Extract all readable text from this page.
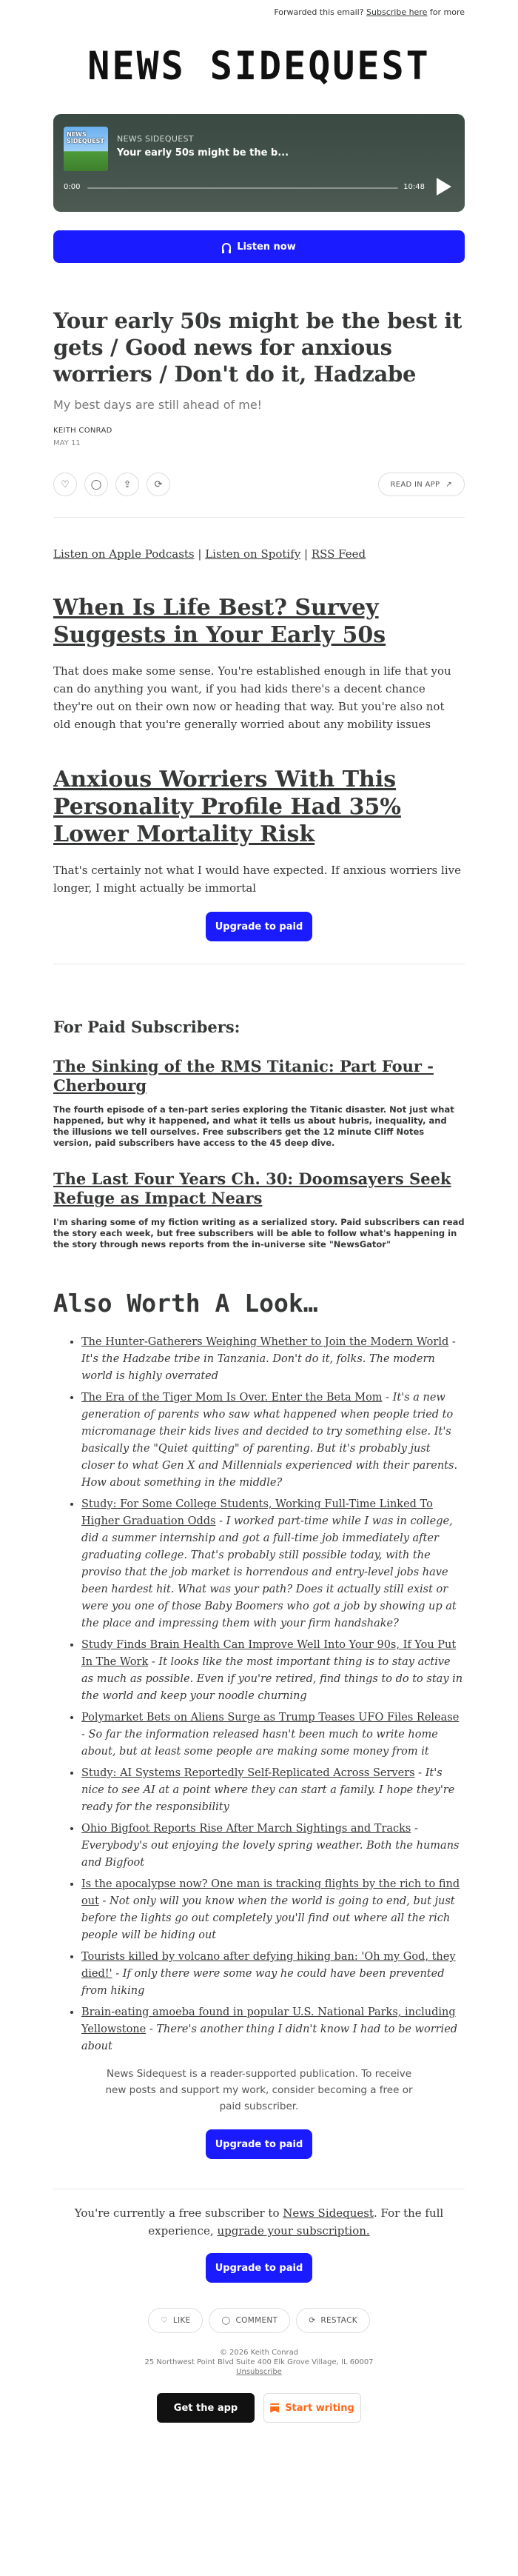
Forwarded this email? Subscribe here for more
NEWS SIDEQUEST
NEWS SIDEQUEST	NEWS SIDEQUEST
Your early 50s might be the b...
0:00	10:48
Listen now
Your early 50s might be the best it gets / Good news for anxious worriers / Don't do it, Hadzabe
My best days are still ahead of me!
KEITH CONRAD
MAY 11
♡	◯	⇪	⟳	READ IN APP ↗

Listen on Apple Podcasts | Listen on Spotify | RSS Feed

When Is Life Best? Survey Suggests in Your Early 50s

That does make some sense. You're established enough in life that you can do anything you want, if you had kids there's a decent chance they're out on their own now or heading that way. But you're also not old enough that you're generally worried about any mobility issues

Anxious Worriers With This Personality Profile Had 35% Lower Mortality Risk

That's certainly not what I would have expected. If anxious worriers live longer, I might actually be immortal

Upgrade to paid
For Paid Subscribers:
The Sinking of the RMS Titanic: Part Four - Cherbourg

The fourth episode of a ten-part series exploring the Titanic disaster. Not just what happened, but why it happened, and what it tells us about hubris, inequality, and the illusions we tell ourselves. Free subscribers get the 12 minute Cliff Notes version, paid subscribers have access to the 45 deep dive.

The Last Four Years Ch. 30: Doomsayers Seek Refuge as Impact Nears

I'm sharing some of my fiction writing as a serialized story. Paid subscribers can read the story each week, but free subscribers will be able to follow what's happening in the story through news reports from the in-universe site "NewsGator"

Also Worth A Look…
• The Hunter-Gatherers Weighing Whether to Join the Modern World - It's the Hadzabe tribe in Tanzania. Don't do it, folks. The modern world is highly overrated
• The Era of the Tiger Mom Is Over. Enter the Beta Mom - It's a new generation of parents who saw what happened when people tried to micromanage their kids lives and decided to try something else. It's basically the "Quiet quitting" of parenting. But it's probably just closer to what Gen X and Millennials experienced with their parents. How about something in the middle?
• Study: For Some College Students, Working Full-Time Linked To Higher Graduation Odds - I worked part-time while I was in college, did a summer internship and got a full-time job immediately after graduating college. That's probably still possible today, with the proviso that the job market is horrendous and entry-level jobs have been hardest hit. What was your path? Does it actually still exist or were you one of those Baby Boomers who got a job by showing up at the place and impressing them with your firm handshake?
• Study Finds Brain Health Can Improve Well Into Your 90s, If You Put In The Work - It looks like the most important thing is to stay active as much as possible. Even if you're retired, find things to do to stay in the world and keep your noodle churning
• Polymarket Bets on Aliens Surge as Trump Teases UFO Files Release - So far the information released hasn't been much to write home about, but at least some people are making some money from it
• Study: AI Systems Reportedly Self-Replicated Across Servers - It's nice to see AI at a point where they can start a family. I hope they're ready for the responsibility
• Ohio Bigfoot Reports Rise After March Sightings and Tracks - Everybody's out enjoying the lovely spring weather. Both the humans and Bigfoot
• Is the apocalypse now? One man is tracking flights by the rich to find out - Not only will you know when the world is going to end, but just before the lights go out completely you'll find out where all the rich people will be hiding out
• Tourists killed by volcano after defying hiking ban: 'Oh my God, they died!' - If only there were some way he could have been prevented from hiking
• Brain-eating amoeba found in popular U.S. National Parks, including Yellowstone - There's another thing I didn't know I had to be worried about

News Sidequest is a reader-supported publication. To receive new posts and support my work, consider becoming a free or paid subscriber.

Upgrade to paid

You're currently a free subscriber to News Sidequest. For the full experience, upgrade your subscription.

Upgrade to paid
♡ LIKE	◯ COMMENT	⟳ RESTACK
© 2026 Keith Conrad
25 Northwest Point Blvd Suite 400 Elk Grove Village, IL 60007
Unsubscribe
Get the app	Start writing
